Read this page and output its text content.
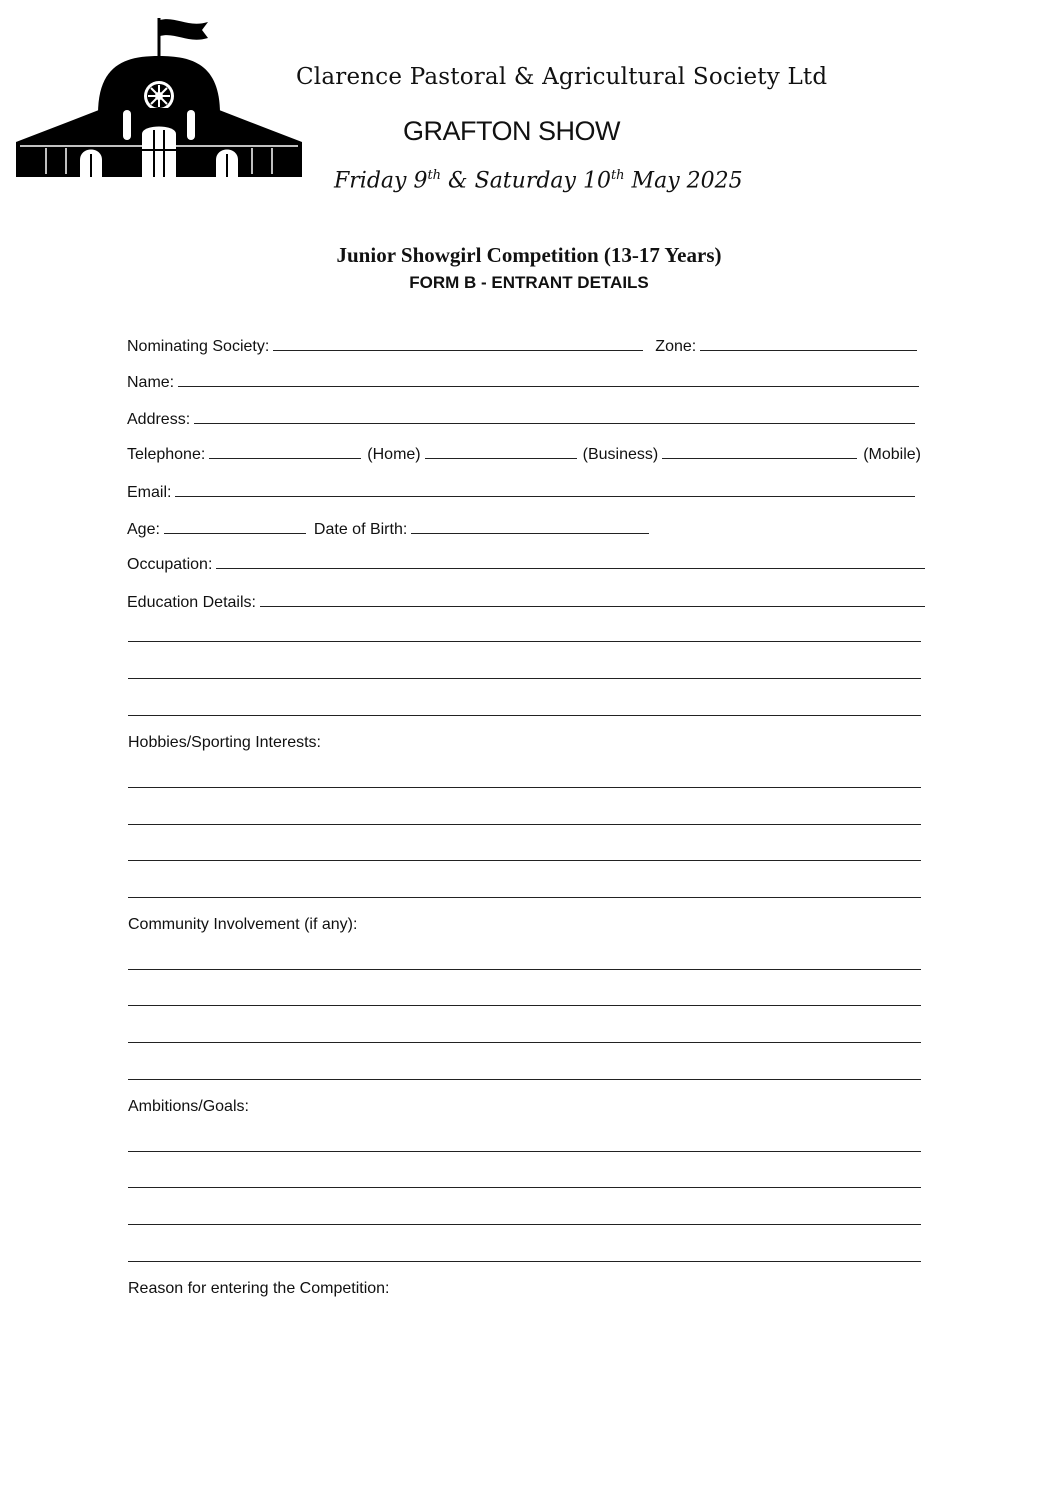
Clarence Pastoral & Agricultural Society Ltd
GRAFTON SHOW
Friday 9th & Saturday 10th May 2025
Junior Showgirl Competition (13-17 Years)
FORM B - ENTRANT DETAILS
Nominating Society:	Zone:
Name:
Address:
Telephone:	(Home)	(Business)	(Mobile)
Email:
Age:	Date of Birth:
Occupation:
Education Details:
Hobbies/Sporting Interests:
Community Involvement (if any):
Ambitions/Goals:
Reason for entering the Competition:
